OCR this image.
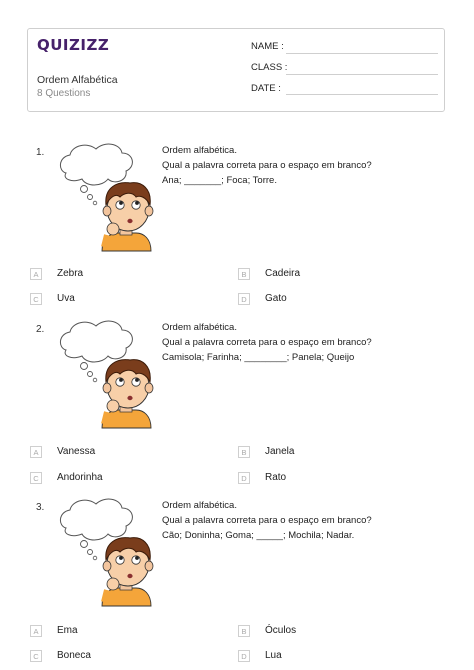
QUIZIZZ
Ordem Alfabética
8 Questions
NAME :
CLASS :
DATE :
1.	Ordem alfabética.
Qual a palavra correta para o espaço em branco?
Ana; _______; Foca; Torre.
A	Zebra	B	Cadeira
C	Uva	D	Gato
2.	Ordem alfabética.
Qual a palavra correta para o espaço em branco?
Camisola; Farinha; ________; Panela; Queijo
A	Vanessa	B	Janela
C	Andorinha	D	Rato
3.	Ordem alfabética.
Qual a palavra correta para o espaço em branco?
Cão; Doninha; Goma; _____; Mochila; Nadar.
A	Ema	B	Óculos
C	Boneca	D	Lua
